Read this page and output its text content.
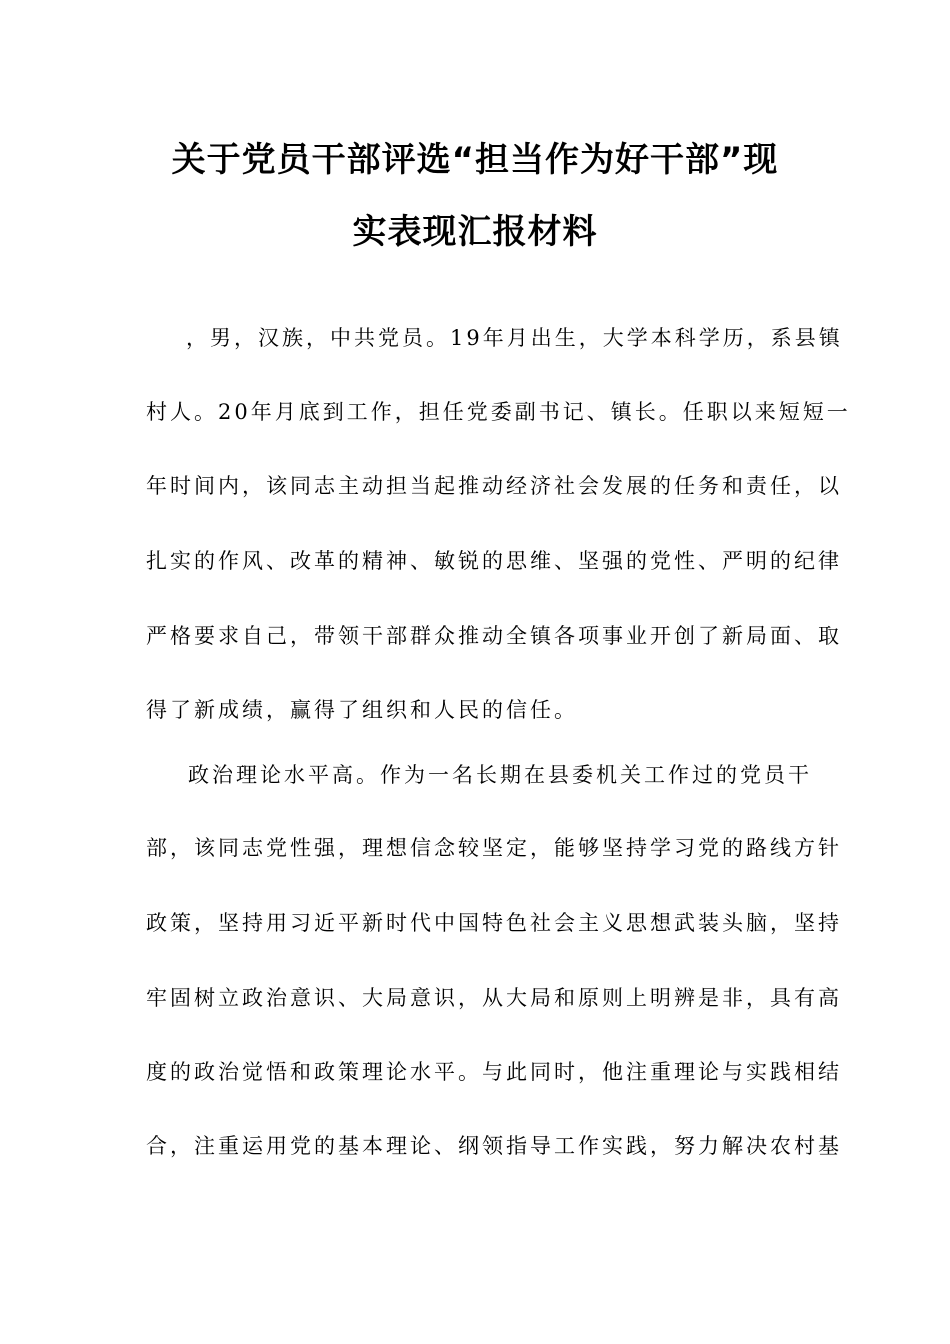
关于党员干部评选“担当作为好干部”现
实表现汇报材料

，男，汉族，中共党员。19年月出生，大学本科学历，系县镇

村人。20年月底到工作，担任党委副书记、镇长。任职以来短短一

年时间内，该同志主动担当起推动经济社会发展的任务和责任，以

扎实的作风、改革的精神、敏锐的思维、坚强的党性、严明的纪律

严格要求自己，带领干部群众推动全镇各项事业开创了新局面、取

得了新成绩，赢得了组织和人民的信任。

政治理论水平高。作为一名长期在县委机关工作过的党员干

部，该同志党性强，理想信念较坚定，能够坚持学习党的路线方针

政策，坚持用习近平新时代中国特色社会主义思想武装头脑，坚持

牢固树立政治意识、大局意识，从大局和原则上明辨是非，具有高

度的政治觉悟和政策理论水平。与此同时，他注重理论与实践相结

合，注重运用党的基本理论、纲领指导工作实践，努力解决农村基
